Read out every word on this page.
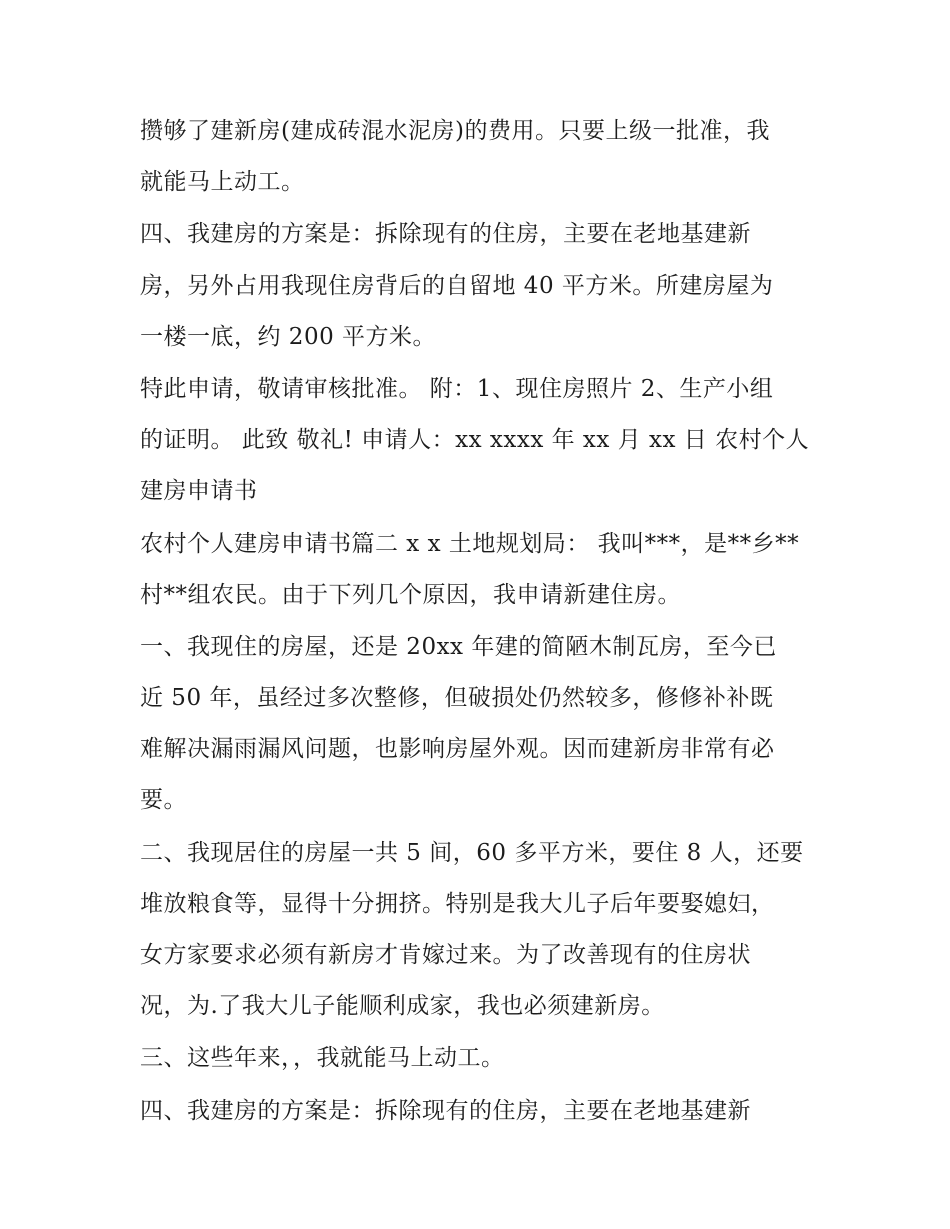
攒够了建新房(建成砖混水泥房)的费用。只要上级一批准，我
就能马上动工。
四、我建房的方案是：拆除现有的住房，主要在老地基建新
房，另外占用我现住房背后的自留地 40 平方米。所建房屋为
一楼一底，约 200 平方米。
特此申请，敬请审核批准。 附：1、现住房照片 2、生产小组
的证明。 此致 敬礼! 申请人：xx xxxx 年 xx 月 xx 日 农村个人
建房申请书
农村个人建房申请书篇二 x x 土地规划局： 我叫***，是**乡**
村**组农民。由于下列几个原因，我申请新建住房。
一、我现住的房屋，还是 20xx 年建的简陋木制瓦房，至今已
近 50 年，虽经过多次整修，但破损处仍然较多，修修补补既
难解决漏雨漏风问题，也影响房屋外观。因而建新房非常有必
要。
二、我现居住的房屋一共 5 间，60 多平方米，要住 8 人，还要
堆放粮食等，显得十分拥挤。特别是我大儿子后年要娶媳妇，
女方家要求必须有新房才肯嫁过来。为了改善现有的住房状
况，为.了我大儿子能顺利成家，我也必须建新房。
三、这些年来，，我就能马上动工。
四、我建房的方案是：拆除现有的住房，主要在老地基建新
